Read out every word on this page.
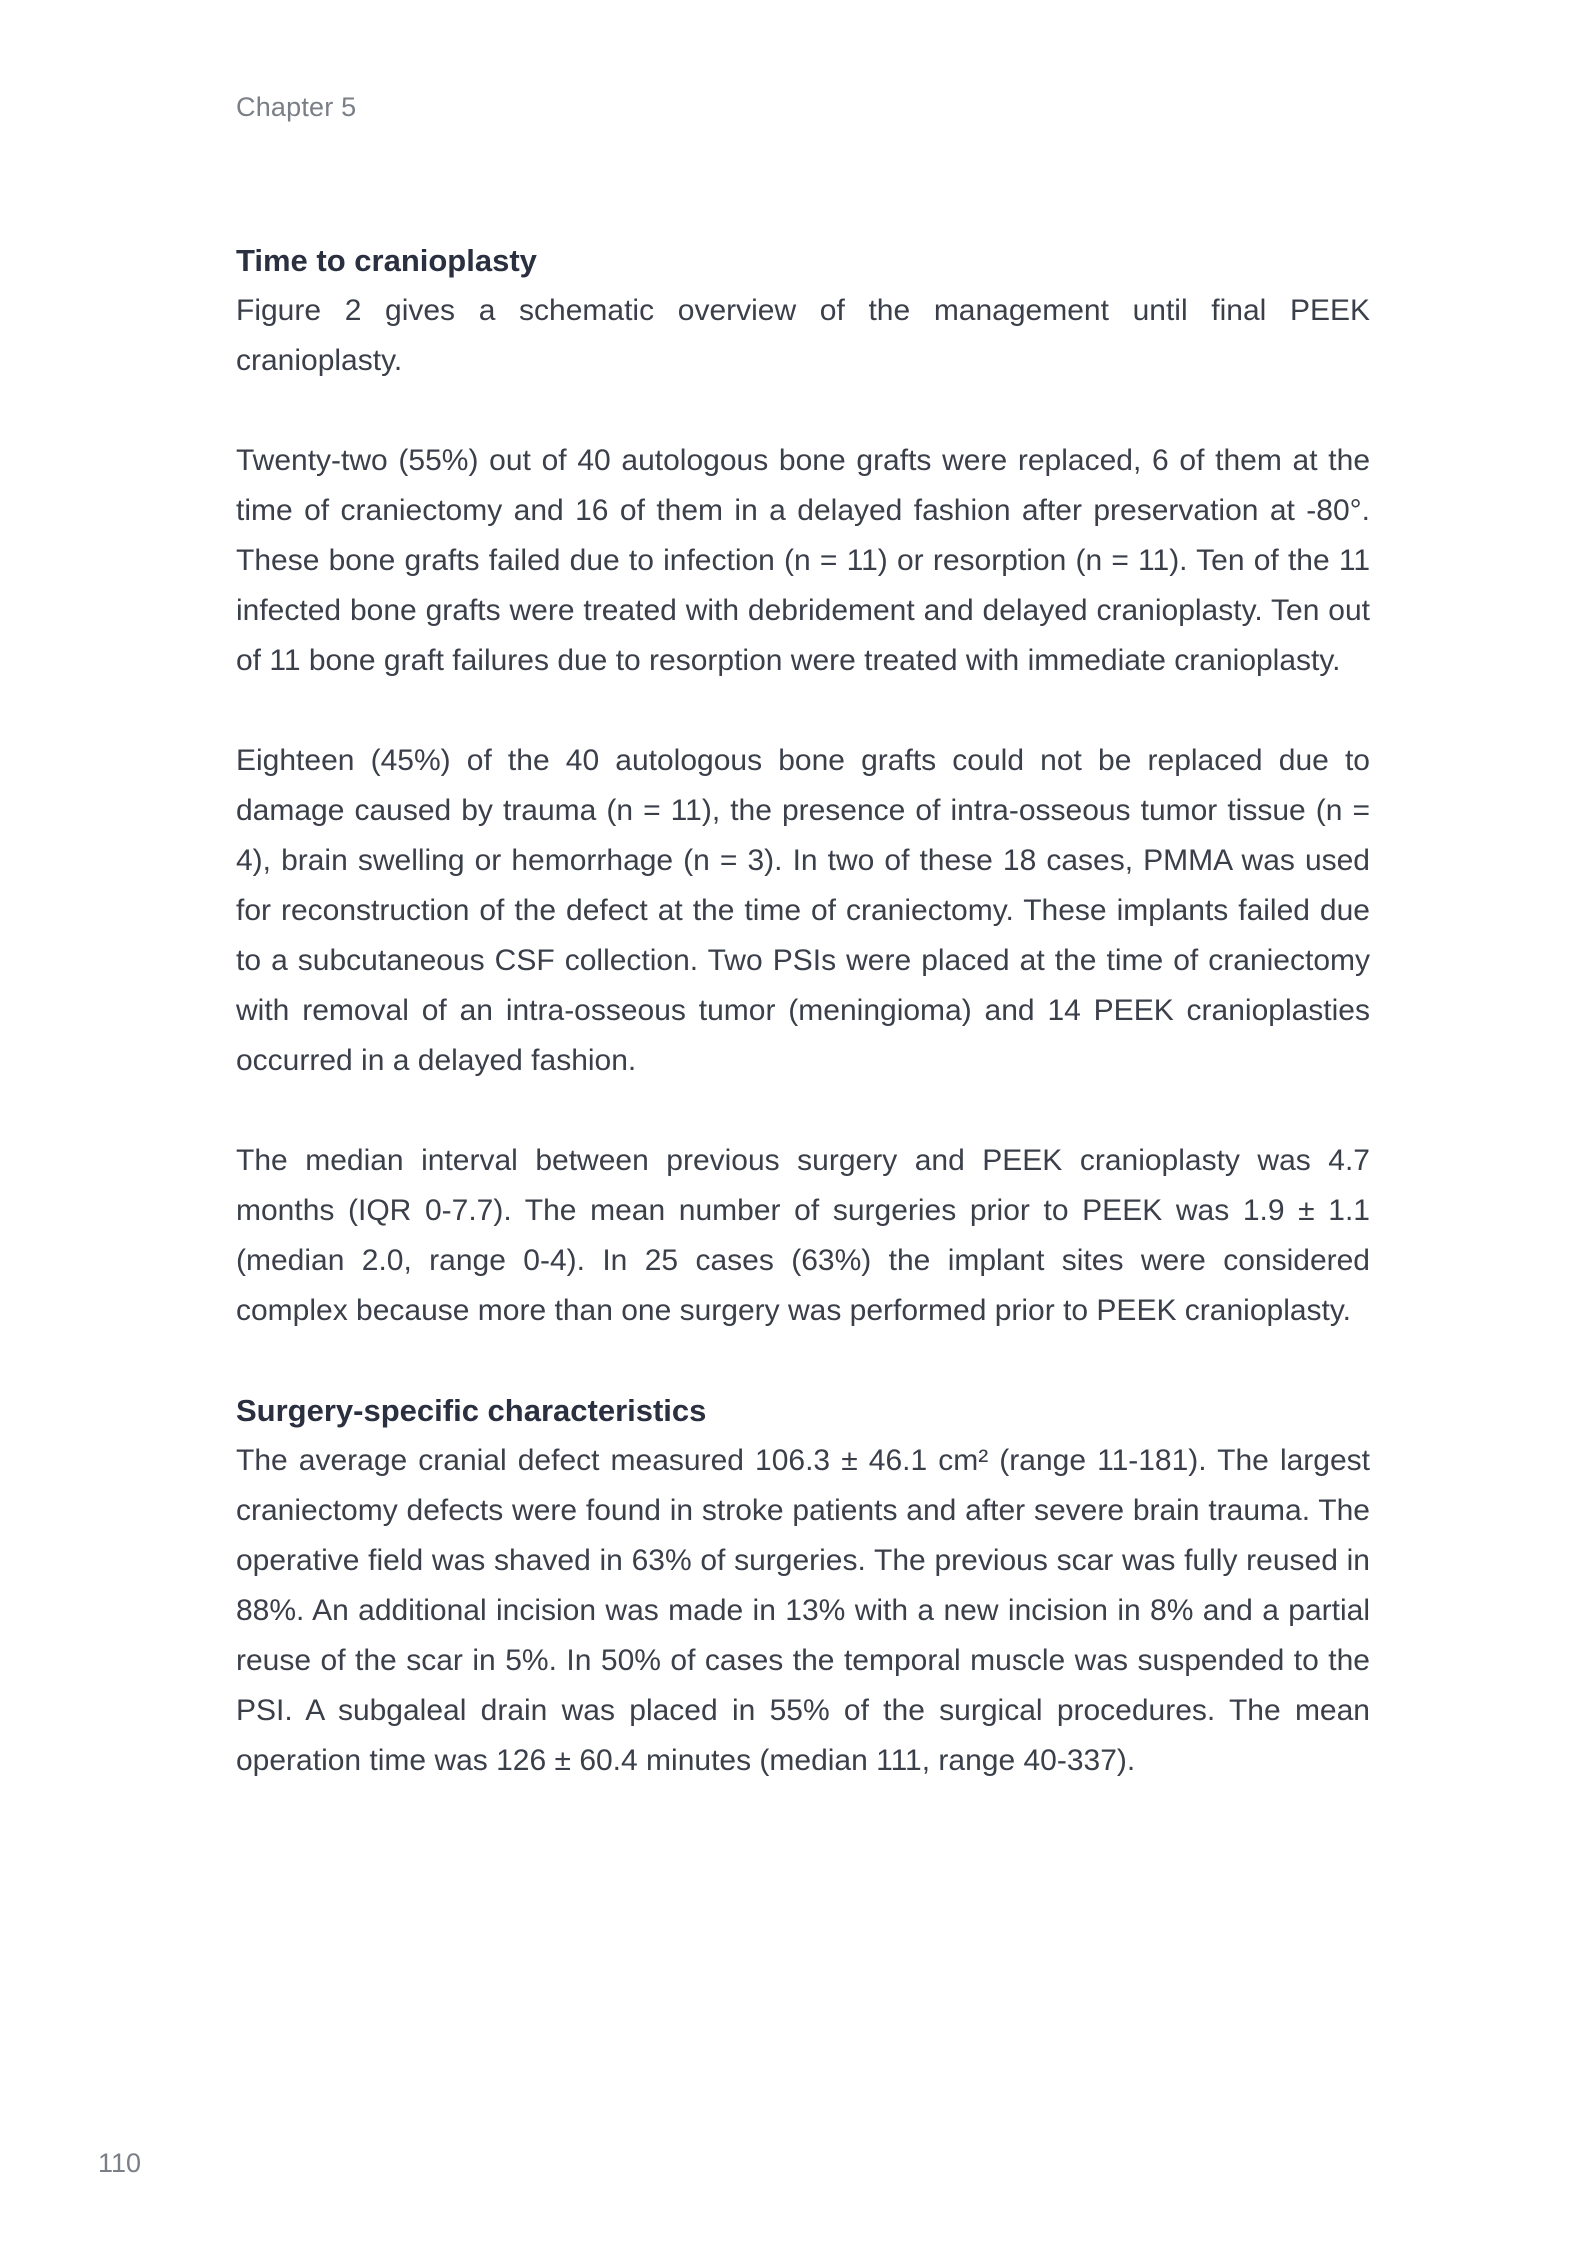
Chapter 5
Time to cranioplasty

Figure 2 gives a schematic overview of the management until final PEEK cranioplasty.

Twenty-two (55%) out of 40 autologous bone grafts were replaced, 6 of them at the time of craniectomy and 16 of them in a delayed fashion after preservation at -80°. These bone grafts failed due to infection (n = 11) or resorption (n = 11). Ten of the 11 infected bone grafts were treated with debridement and delayed cranioplasty. Ten out of 11 bone graft failures due to resorption were treated with immediate cranioplasty.

Eighteen (45%) of the 40 autologous bone grafts could not be replaced due to damage caused by trauma (n = 11), the presence of intra-osseous tumor tissue (n = 4), brain swelling or hemorrhage (n = 3). In two of these 18 cases, PMMA was used for reconstruction of the defect at the time of craniectomy. These implants failed due to a subcutaneous CSF collection. Two PSIs were placed at the time of craniectomy with removal of an intra-osseous tumor (meningioma) and 14 PEEK cranioplasties occurred in a delayed fashion.

The median interval between previous surgery and PEEK cranioplasty was 4.7 months (IQR 0-7.7). The mean number of surgeries prior to PEEK was 1.9 ± 1.1 (median 2.0, range 0-4). In 25 cases (63%) the implant sites were considered complex because more than one surgery was performed prior to PEEK cranioplasty.

Surgery-specific characteristics

The average cranial defect measured 106.3 ± 46.1 cm² (range 11-181). The largest craniectomy defects were found in stroke patients and after severe brain trauma. The operative field was shaved in 63% of surgeries. The previous scar was fully reused in 88%. An additional incision was made in 13% with a new incision in 8% and a partial reuse of the scar in 5%. In 50% of cases the temporal muscle was suspended to the PSI. A subgaleal drain was placed in 55% of the surgical procedures. The mean operation time was 126 ± 60.4 minutes (median 111, range 40-337).

110
